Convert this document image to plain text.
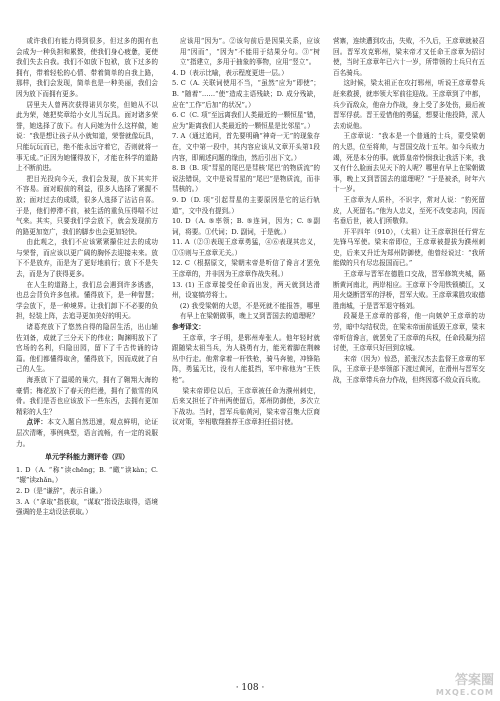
或许我们有能力得到很多，但过多的拥有也会成为一种负担和累赘，使我们身心疲惫，更使我们失去自我。我们不如放下包袱，放下过多的拥有，带着轻松的心情、带着简单的自我上路，那样，我们会发现，简单也是一种美丽，我们会因为放下而拥有更多。

居里夫人曾两次获得诺贝尔奖，但她从不以此为荣，她把奖章给小女儿当玩具。面对诸多荣誉，她选择了放下。有人问她为什么这样做，她说：“我是想让孩子从小就知道，荣誉就像玩具，只能玩玩而已，绝不能永远守着它，否则就将一事无成。”正因为她懂得放下，才能在科学的道路上不断前进。

把目光投向今天，我们会发现，放下其实并不容易。面对眼前的利益，很多人选择了紧握不放；面对过去的成绩，很多人选择了沾沾自喜。于是，他们停滞不前，被生活的重负压得喘不过气来。其实，只要我们学会放下，就会发现前方的路更加宽广，我们的脚步也会更加轻快。

由此观之，我们不应该紧紧攥住过去的成功与荣誉，而应该以更广阔的胸怀去迎接未来。放下不是放弃，而是为了更好地前行；放下不是失去，而是为了获得更多。

在人生的道路上，我们总会遇到许多诱惑，也总会背负许多包袱。懂得放下，是一种智慧；学会放下，是一种境界。让我们卸下不必要的负担，轻装上阵，去追寻更加美好的明天。

诸葛亮放下了悠然自得的隐居生活，出山辅佐刘备，成就了三分天下的伟业；陶渊明放下了官场的名利，归隐田园，留下了千古传诵的诗篇。他们都懂得取舍，懂得放下，因而成就了自己的人生。

海燕放下了温暖的巢穴，拥有了翱翔大海的豪情；梅花放下了春天的烂漫，拥有了傲雪的风骨。我们是否也应该放下一些东西，去拥有更加精彩的人生？

点评：本文入题自然迅速，观点鲜明，论证层次清晰，事例典型，语言流畅，有一定的说服力。

单元学科能力测评卷（四）

1. D（A. “称”读chēng；B. “瞰”读kàn；C. “辗”读zhǎn。）

2. D（是“谦辞”，表示自谦。）

3. A（“拿取”指获取，“谋取”指设法取得，语境强调的是主动设法获取。）

应该用“因为”。②该句前后是因果关系，应该用“因而”，“因为”不能用于结果分句。③“树立”指建立，多用于抽象的事物，应用“竖立”。

4. D（表示比喻，表示程度更进一层。）

5. C（A. 关联词使用不当，“虽然”应为“即使”；B. “随着”……“使”造成主语残缺；D. 成分残缺，应在“工作”后加“的状况”。）

6. C（C. 项“至远离我们人类最近的一颗恒星”错，应为“距离我们人类最近的一颗恒星是比邻星”。）

7. A（通过追问，首先要明确“神奇一无”的现象存在，文中第一段中，其内容应该从文章开头第1段内容，即阐述问题的缘由，然后引出下文。）

8. B（B. 项“彗星的尾巴是彗核’尾巴’的物质流”的说法错误，文中是说彗星的“尾巴”是物质流，而非彗核的。）

9. D（D. 项“引起彗星的主要原因是它的运行轨道”，文中没有提到。）

10. D（A. ⑤率领；B. ⑤连词，因为；C. ⑤副词，将要。①代词；D. 副词，于是就。）

11. A（②③表现王彦章勇猛，④⑥表现其忠义，①⑤则与王彦章无关。）

12. C（根据原文，梁朝末帝是听信了谗言才罢免王彦章的，并非因为王彦章作战失利。）

13. (1) 王彦章接受任命而出发，两天就到达滑州，设宴犒劳将士。

(2) 我受梁朝的大恩，不是死就不能报答，哪里有早上在梁朝做事，晚上又到晋国去的道理呢？

参考译文：

王彦章，字子明，是郓州寿张人。他年轻时就跟随梁太祖当兵，为人骁勇有力，能光着脚在荆棘丛中行走。他常拿着一杆铁枪，骑马奔驰，冲锋陷阵，勇猛无比，没有人能抵挡，军中称他为“王铁枪”。

梁末帝即位以后，王彦章被任命为濮州刺史，后来又担任了许州两使留后，郑州防御使，多次立下战功。当时，晋军兵临黄河，梁末帝召集大臣商议对策，宰相敬翔推荐王彦章担任招讨使。

营寨，连续遭到攻击，失败，不久后，王彦章就被召回。晋军攻克郓州，梁末帝才又任命王彦章为招讨使，当时王彦章年已六十一岁，所带领的士兵只有五百名骑兵。

这时候，梁太祖正在攻打郓州，听说王彦章带兵赶来救援，就率领大军前往迎战。王彦章到了中都，兵少而敌众，他奋力作战，身上受了多处伤，最后被晋军俘获。晋王爱惜他的勇猛，想要让他投降，派人去劝说他。

王彦章说：“我本是一个普通的士兵，蒙受梁朝的大恩，位至将帅，与晋国交战十五年。如今兵败力竭，死是本分的事。就算皇帝怜悯我让我活下来，我又有什么脸面去见天下的人呢？哪里有早上在梁朝做事，晚上又到晋国去的道理呢？”于是被杀，时年六十一岁。

王彦章为人质朴，不识字，常对人说：“豹死留皮，人死留名。”他为人忠义，至死不改变志向，因而名垂后世，被人们所敬仰。

开平四年（910），（太祖）让王彦章担任行营左先锋马军使。梁末帝即位，王彦章被提拔为濮州刺史，后来又升迁为郑州防御使，他曾经说过：“我所能做的只有尽忠报国而已。”

王彦章与晋军在德胜口交战，晋军修筑夹城，隔断黄河南北，两岸相应。王彦章下令用铁锁横江，又用火烧断晋军的浮桥，晋军大败。王彦章乘胜攻取德胜南城，于是晋军退守杨刘。

段凝是王彦章的部将，他一向嫉妒王彦章的功劳，暗中勾结权贵，在梁末帝面前诋毁王彦章，梁末帝听信谗言，就罢免了王彦章的兵权，任命段凝为招讨使，王彦章只好回到京城。

末帝（因为）惊恐，派张汉杰去监督王彦章的军队，王彦章于是率领部下渡过黄河，在滑州与晋军交战，王彦章带兵奋力作战，但终因寡不敌众而兵败。

· 108 ·	答案圈
MXQE.COM
